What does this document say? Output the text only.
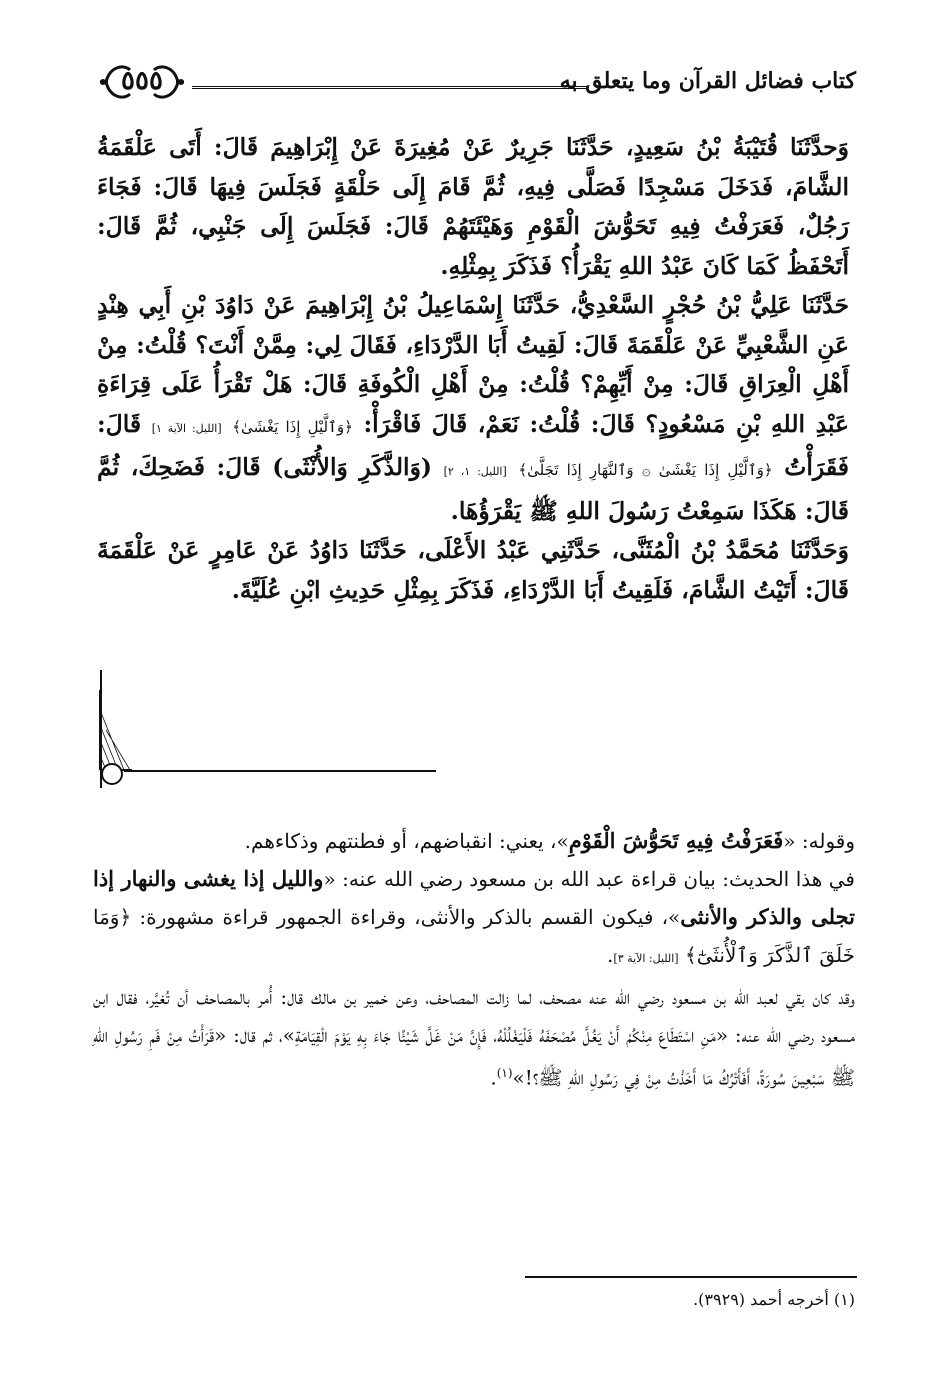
كتاب فضائل القرآن وما يتعلق به
٥٥٥

وَحدَّثَنَا قُتَيْبَةُ بْنُ سَعِيدٍ، حَدَّثَنَا جَرِيرٌ عَنْ مُغِيرَةَ عَنْ إِبْرَاهِيمَ قَالَ: أَتَى عَلْقَمَةُ الشَّامَ، فَدَخَلَ مَسْجِدًا فَصَلَّى فِيهِ، ثُمَّ قَامَ إِلَى حَلْقَةٍ فَجَلَسَ فِيهَا قَالَ: فَجَاءَ رَجُلٌ، فَعَرَفْتُ فِيهِ تَحَوُّشَ الْقَوْمِ وَهَيْئَتَهُمْ قَالَ: فَجَلَسَ إِلَى جَنْبِي، ثُمَّ قَالَ: أَتَحْفَظُ كَمَا كَانَ عَبْدُ اللهِ يَقْرَأُ؟ فَذَكَرَ بِمِثْلِهِ.

حَدَّثَنَا عَلِيُّ بْنُ حُجْرٍ السَّعْدِيُّ، حَدَّثَنَا إِسْمَاعِيلُ بْنُ إِبْرَاهِيمَ عَنْ دَاوُدَ بْنِ أَبِي هِنْدٍ عَنِ الشَّعْبِيِّ عَنْ عَلْقَمَةَ قَالَ: لَقِيتُ أَبَا الدَّرْدَاءِ، فَقَالَ لِي: مِمَّنْ أَنْتَ؟ قُلْتُ: مِنْ أَهْلِ الْعِرَاقِ قَالَ: مِنْ أَيِّهِمْ؟ قُلْتُ: مِنْ أَهْلِ الْكُوفَةِ قَالَ: هَلْ تَقْرَأُ عَلَى قِرَاءَةِ عَبْدِ اللهِ بْنِ مَسْعُودٍ؟ قَالَ: قُلْتُ: نَعَمْ، قَالَ فَاقْرَأْ: ﴿وَٱلَّيْلِ إِذَا يَغْشَىٰ﴾ [الليل: الآية ١] قَالَ: فَقَرَأْتُ ﴿وَٱلَّيْلِ إِذَا يَغْشَىٰ ۞ وَٱلنَّهَارِ إِذَا تَجَلَّىٰ﴾ [الليل: ١، ٢] (وَالذَّكَرِ وَالأُنْثَى) قَالَ: فَضَحِكَ، ثُمَّ قَالَ: هَكَذَا سَمِعْتُ رَسُولَ اللهِ ﷺ يَقْرَؤُهَا.

وَحَدَّثَنَا مُحَمَّدُ بْنُ الْمُثَنَّى، حَدَّثَنِي عَبْدُ الأَعْلَى، حَدَّثَنَا دَاوُدُ عَنْ عَامِرٍ عَنْ عَلْقَمَةَ قَالَ: أَتَيْتُ الشَّامَ، فَلَقِيتُ أَبَا الدَّرْدَاءِ، فَذَكَرَ بِمِثْلِ حَدِيثِ ابْنِ عُلَيَّةَ.

وقوله: «فَعَرَفْتُ فِيهِ تَحَوُّشَ الْقَوْمِ»، يعني: انقباضهم، أو فطنتهم وذكاءهم.

في هذا الحديث: بيان قراءة عبد الله بن مسعود رضي الله عنه: «والليل إذا يغشى والنهار إذا تجلى والذكر والأنثى»، فيكون القسم بالذكر والأنثى، وقراءة الجمهور قراءة مشهورة: ﴿وَمَا خَلَقَ ٱلذَّكَرَ وَٱلْأُنثَىٰٓ﴾ [الليل: الآية ٣].

وقد كان بقي لعبد الله بن مسعود رضي الله عنه مصحف، لما زالت المصاحف، وعن خمير بن مالك قال: أُمر بالمصاحف أن تُغيَّر، فقال ابن مسعود رضي الله عنه: «مَنِ اسْتَطَاعَ مِنْكُمْ أَنْ يَغُلَّ مُصْحَفَهُ فَلْيَغْلُلْهُ، فَإِنَّ مَنْ غَلَّ شَيْئًا جَاءَ بِهِ يَوْمَ الْقِيَامَةِ»، ثم قال: «قَرَأْتُ مِنْ فَمِ رَسُولِ اللهِ ﷺ سَبْعِينَ سُورَةً، أَفَأَتْرُكُ مَا أَخَذْتُ مِنْ فِي رَسُولِ اللهِ ﷺ؟!»$^{(١)}$.

(١) أخرجه أحمد (٣٩٢٩).
